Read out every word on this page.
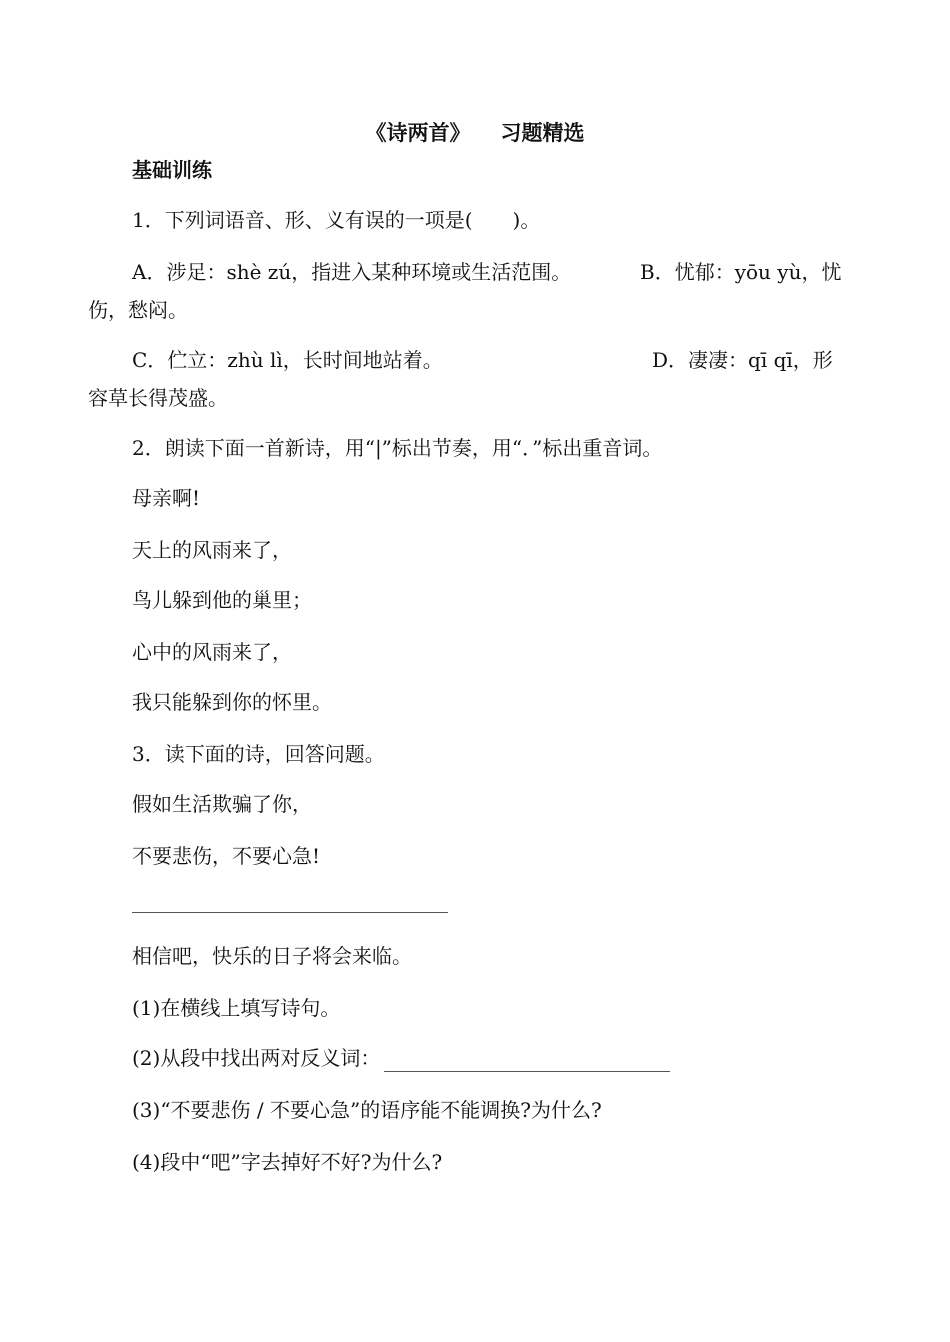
《诗两首》 习题精选
基础训练
1．下列词语音、形、义有误的一项是( )。
A．涉足：shè zú，指进入某种环境或生活范围。	B．忧郁：yōu yù，忧
伤，愁闷。
C．伫立：zhù lì，长时间地站着。	D．凄凄：qī qī，形
容草长得茂盛。
2．朗读下面一首新诗，用“|”标出节奏，用“．”标出重音词。
母亲啊!
天上的风雨来了，
鸟儿躲到他的巢里；
心中的风雨来了，
我只能躲到你的怀里。
3．读下面的诗，回答问题。
假如生活欺骗了你，
不要悲伤，不要心急!
相信吧，快乐的日子将会来临。
(1)在横线上填写诗句。
(2)从段中找出两对反义词：
(3)“不要悲伤 / 不要心急”的语序能不能调换?为什么?
(4)段中“吧”字去掉好不好?为什么?
